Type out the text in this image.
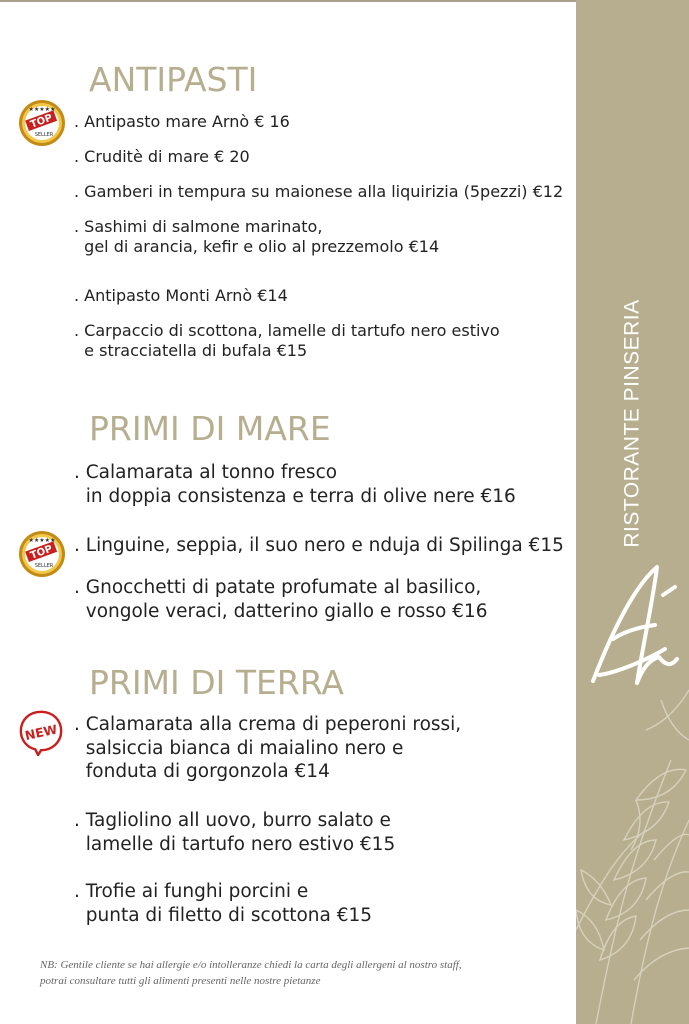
RISTORANTE PINSERIA
ANTIPASTI
★★★★★
TOP
SELLER
. Antipasto mare Arnò € 16
. Cruditè di mare € 20
. Gamberi in tempura su maionese alla liquirizia (5pezzi) €12
. Sashimi di salmone marinato,
gel di arancia, kefir e olio al prezzemolo €14
. Antipasto Monti Arnò €14
. Carpaccio di scottona, lamelle di tartufo nero estivo
e stracciatella di bufala €15
PRIMI DI MARE
. Calamarata al tonno fresco
in doppia consistenza e terra di olive nere €16
★★★★★
TOP
SELLER
. Linguine, seppia, il suo nero e nduja di Spilinga €15
. Gnocchetti di patate profumate al basilico,
vongole veraci, datterino giallo e rosso €16
PRIMI DI TERRA
NEW . Calamarata alla crema di peperoni rossi,
salsiccia bianca di maialino nero e
fonduta di gorgonzola €14
. Tagliolino all uovo, burro salato e
lamelle di tartufo nero estivo €15
. Trofie ai funghi porcini e
punta di filetto di scottona €15
NB: Gentile cliente se hai allergie e/o intolleranze chiedi la carta degli allergeni al nostro staff,
potrai consultare tutti gli alimenti presenti nelle nostre pietanze
